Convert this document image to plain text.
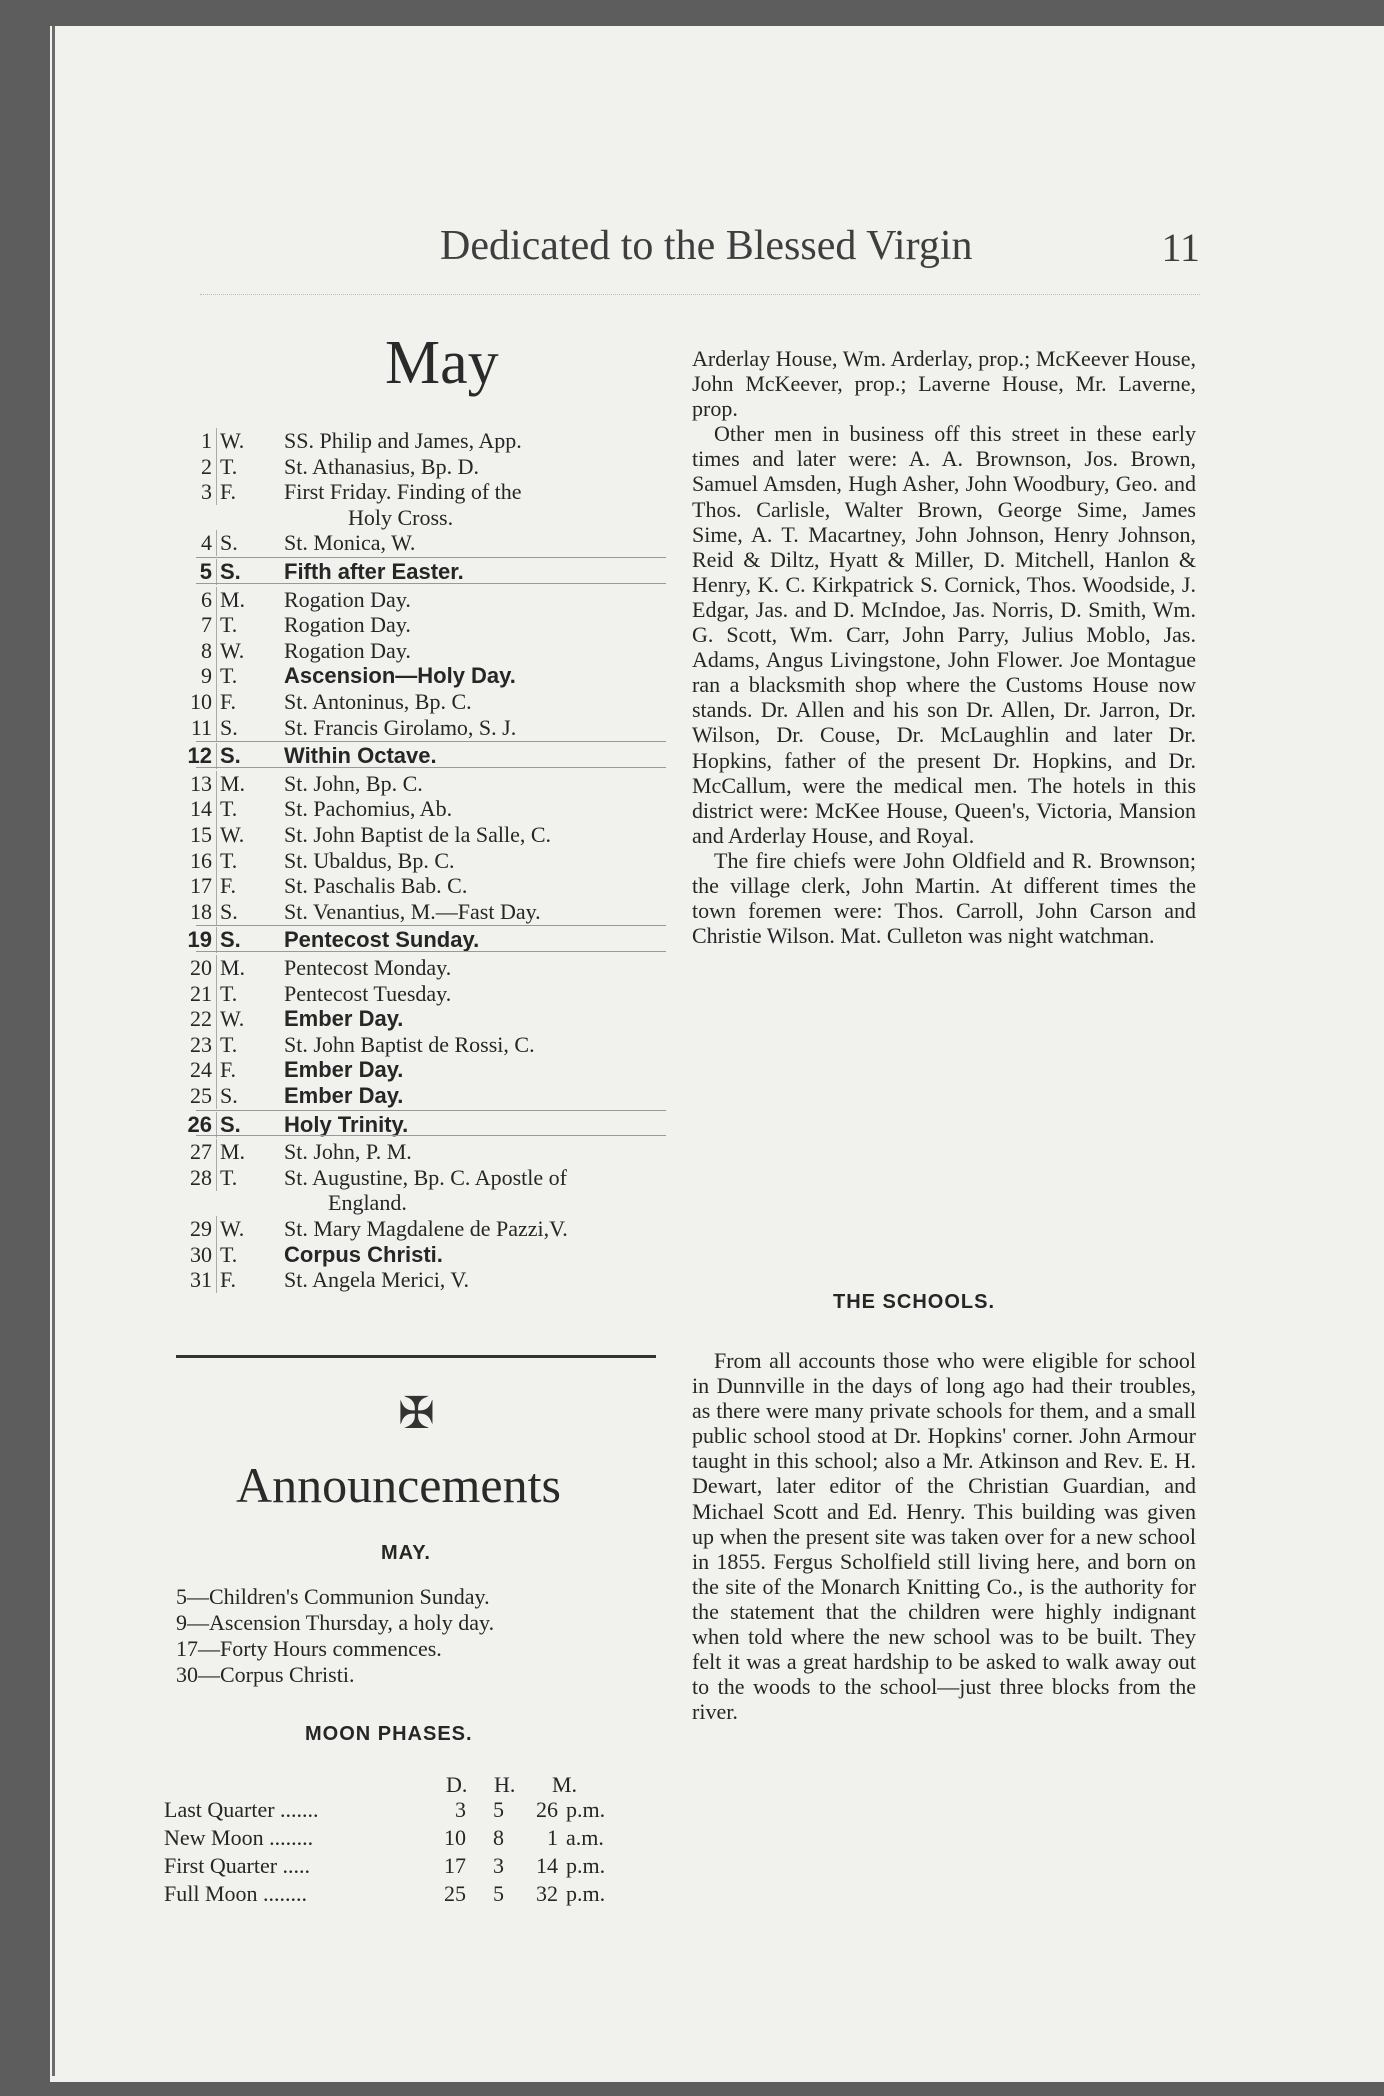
Dedicated to the Blessed Virgin	11
May
1 W. SS. Philip and James, App.
2 T. St. Athanasius, Bp. D.
3 F. First Friday. Finding of the
Holy Cross.
4 S. St. Monica, W.
5 S. Fifth after Easter.
6 M. Rogation Day.
7 T. Rogation Day.
8 W. Rogation Day.
9 T. Ascension—Holy Day.
10 F. St. Antoninus, Bp. C.
11 S. St. Francis Girolamo, S. J.
12 S. Within Octave.
13 M. St. John, Bp. C.
14 T. St. Pachomius, Ab.
15 W. St. John Baptist de la Salle, C.
16 T. St. Ubaldus, Bp. C.
17 F. St. Paschalis Bab. C.
18 S. St. Venantius, M.—Fast Day.
19 S. Pentecost Sunday.
20 M. Pentecost Monday.
21 T. Pentecost Tuesday.
22 W. Ember Day.
23 T. St. John Baptist de Rossi, C.
24 F. Ember Day.
25 S. Ember Day.
26 S. Holy Trinity.
27 M. St. John, P. M.
28 T. St. Augustine, Bp. C. Apostle of
England.
29 W. St. Mary Magdalene de Pazzi,V.
30 T. Corpus Christi.
31 F. St. Angela Merici, V.
✠
Announcements
MAY.
5—Children's Communion Sunday.
9—Ascension Thursday, a holy day.
17—Forty Hours commences.
30—Corpus Christi.
MOON PHASES.
D. H. M.
Last Quarter .......	3	5	26 p.m.
New Moon ........	10	8	1 a.m.
First Quarter .....	17	3	14 p.m.
Full Moon ........	25	5	32 p.m.

Arderlay House, Wm. Arderlay, prop.; McKeever House, John McKeever, prop.; Laverne House, Mr. Laverne, prop.

Other men in business off this street in these early times and later were: A. A. Brownson, Jos. Brown, Samuel Amsden, Hugh Asher, John Woodbury, Geo. and Thos. Carlisle, Walter Brown, George Sime, James Sime, A. T. Macartney, John Johnson, Henry Johnson, Reid & Diltz, Hyatt & Miller, D. Mitchell, Hanlon & Henry, K. C. Kirkpatrick S. Cornick, Thos. Woodside, J. Edgar, Jas. and D. McIndoe, Jas. Norris, D. Smith, Wm. G. Scott, Wm. Carr, John Parry, Julius Moblo, Jas. Adams, Angus Livingstone, John Flower. Joe Montague ran a blacksmith shop where the Customs House now stands. Dr. Allen and his son Dr. Allen, Dr. Jarron, Dr. Wilson, Dr. Couse, Dr. McLaughlin and later Dr. Hopkins, father of the present Dr. Hopkins, and Dr. McCallum, were the medical men. The hotels in this district were: McKee House, Queen's, Victoria, Mansion and Arderlay House, and Royal.

The fire chiefs were John Oldfield and R. Brownson; the village clerk, John Martin. At different times the town foremen were: Thos. Carroll, John Carson and Christie Wilson. Mat. Culleton was night watchman.

THE SCHOOLS.

From all accounts those who were eligible for school in Dunnville in the days of long ago had their troubles, as there were many private schools for them, and a small public school stood at Dr. Hopkins' corner. John Armour taught in this school; also a Mr. Atkinson and Rev. E. H. Dewart, later editor of the Christian Guardian, and Michael Scott and Ed. Henry. This building was given up when the present site was taken over for a new school in 1855. Fergus Scholfield still living here, and born on the site of the Monarch Knitting Co., is the authority for the statement that the children were highly indignant when told where the new school was to be built. They felt it was a great hardship to be asked to walk away out to the woods to the school—just three blocks from the river.
